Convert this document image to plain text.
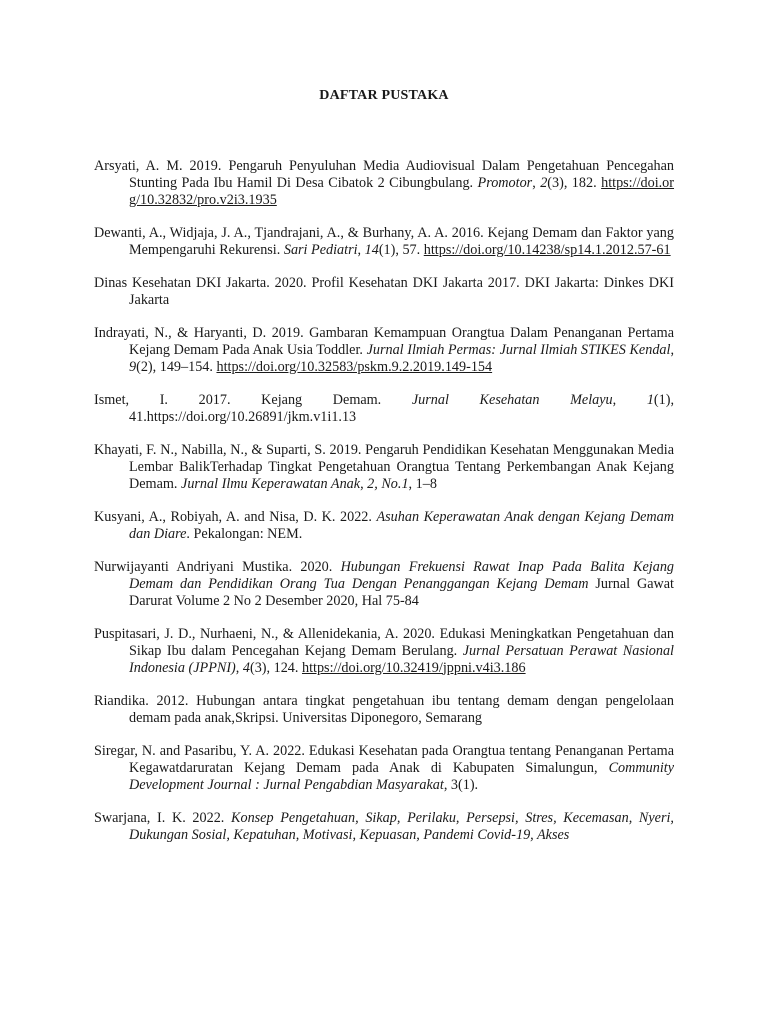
DAFTAR PUSTAKA

Arsyati, A. M. 2019. Pengaruh Penyuluhan Media Audiovisual Dalam Pengetahuan Pencegahan Stunting Pada Ibu Hamil Di Desa Cibatok 2 Cibungbulang. Promotor, 2(3), 182. https://doi.org/10.32832/pro.v2i3.1935

Dewanti, A., Widjaja, J. A., Tjandrajani, A., & Burhany, A. A. 2016. Kejang Demam dan Faktor yang Mempengaruhi Rekurensi. Sari Pediatri, 14(1), 57. https://doi.org/10.14238/sp14.1.2012.57-61

Dinas Kesehatan DKI Jakarta. 2020. Profil Kesehatan DKI Jakarta 2017. DKI Jakarta: Dinkes DKI Jakarta

Indrayati, N., & Haryanti, D. 2019. Gambaran Kemampuan Orangtua Dalam Penanganan Pertama Kejang Demam Pada Anak Usia Toddler. Jurnal Ilmiah Permas: Jurnal Ilmiah STIKES Kendal, 9(2), 149–154. https://doi.org/10.32583/pskm.9.2.2019.149-154

Ismet, I. 2017. Kejang Demam. Jurnal Kesehatan Melayu, 1(1), 41.https://doi.org/10.26891/jkm.v1i1.13

Khayati, F. N., Nabilla, N., & Suparti, S. 2019. Pengaruh Pendidikan Kesehatan Menggunakan Media Lembar BalikTerhadap Tingkat Pengetahuan Orangtua Tentang Perkembangan Anak Kejang Demam. Jurnal Ilmu Keperawatan Anak, 2, No.1, 1–8

Kusyani, A., Robiyah, A. and Nisa, D. K. 2022. Asuhan Keperawatan Anak dengan Kejang Demam dan Diare. Pekalongan: NEM.

Nurwijayanti Andriyani Mustika. 2020. Hubungan Frekuensi Rawat Inap Pada Balita Kejang Demam dan Pendidikan Orang Tua Dengan Penanggangan Kejang Demam Jurnal Gawat Darurat Volume 2 No 2 Desember 2020, Hal 75-84

Puspitasari, J. D., Nurhaeni, N., & Allenidekania, A. 2020. Edukasi Meningkatkan Pengetahuan dan Sikap Ibu dalam Pencegahan Kejang Demam Berulang. Jurnal Persatuan Perawat Nasional Indonesia (JPPNI), 4(3), 124. https://doi.org/10.32419/jppni.v4i3.186

Riandika. 2012. Hubungan antara tingkat pengetahuan ibu tentang demam dengan pengelolaan demam pada anak,Skripsi. Universitas Diponegoro, Semarang

Siregar, N. and Pasaribu, Y. A. 2022. Edukasi Kesehatan pada Orangtua tentang Penanganan Pertama Kegawatdaruratan Kejang Demam pada Anak di Kabupaten Simalungun, Community Development Journal : Jurnal Pengabdian Masyarakat, 3(1).

Swarjana, I. K. 2022. Konsep Pengetahuan, Sikap, Perilaku, Persepsi, Stres, Kecemasan, Nyeri, Dukungan Sosial, Kepatuhan, Motivasi, Kepuasan, Pandemi Covid-19, Akses
